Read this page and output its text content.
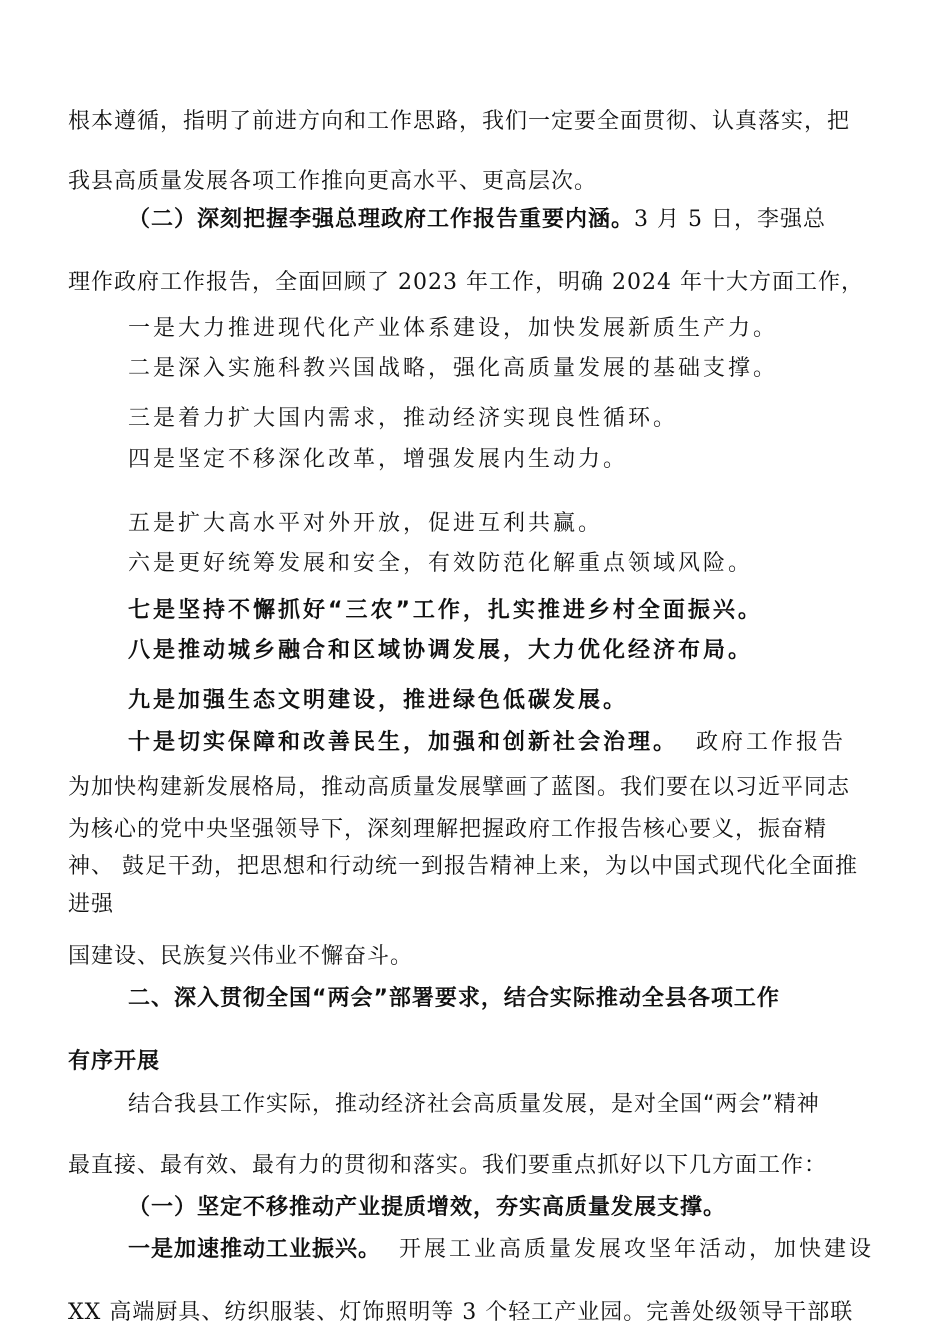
根本遵循，指明了前进方向和工作思路，我们一定要全面贯彻、认真落实，把
我县高质量发展各项工作推向更高水平、更高层次。
（二）深刻把握李强总理政府工作报告重要内涵。3 月 5 日，李强总
理作政府工作报告，全面回顾了 2023 年工作，明确 2024 年十大方面工作，
一是大力推进现代化产业体系建设，加快发展新质生产力。
二是深入实施科教兴国战略，强化高质量发展的基础支撑。
三是着力扩大国内需求，推动经济实现良性循环。
四是坚定不移深化改革，增强发展内生动力。
五是扩大高水平对外开放，促进互利共赢。
六是更好统筹发展和安全，有效防范化解重点领域风险。
七是坚持不懈抓好“三农”工作，扎实推进乡村全面振兴。
八是推动城乡融合和区域协调发展，大力优化经济布局。
九是加强生态文明建设，推进绿色低碳发展。
十是切实保障和改善民生，加强和创新社会治理。 政府工作报告
为加快构建新发展格局，推动高质量发展擘画了蓝图。我们要在以习近平同志
为核心的党中央坚强领导下，深刻理解把握政府工作报告核心要义，振奋精
神、 鼓足干劲，把思想和行动统一到报告精神上来，为以中国式现代化全面推
进强
国建设、民族复兴伟业不懈奋斗。
二、深入贯彻全国“两会”部署要求，结合实际推动全县各项工作
有序开展
结合我县工作实际，推动经济社会高质量发展，是对全国“两会”精神
最直接、最有效、最有力的贯彻和落实。我们要重点抓好以下几方面工作：
（一）坚定不移推动产业提质增效，夯实高质量发展支撑。
一是加速推动工业振兴。 开展工业高质量发展攻坚年活动，加快建设
XX 高端厨具、纺织服装、灯饰照明等 3 个轻工产业园。完善处级领导干部联
